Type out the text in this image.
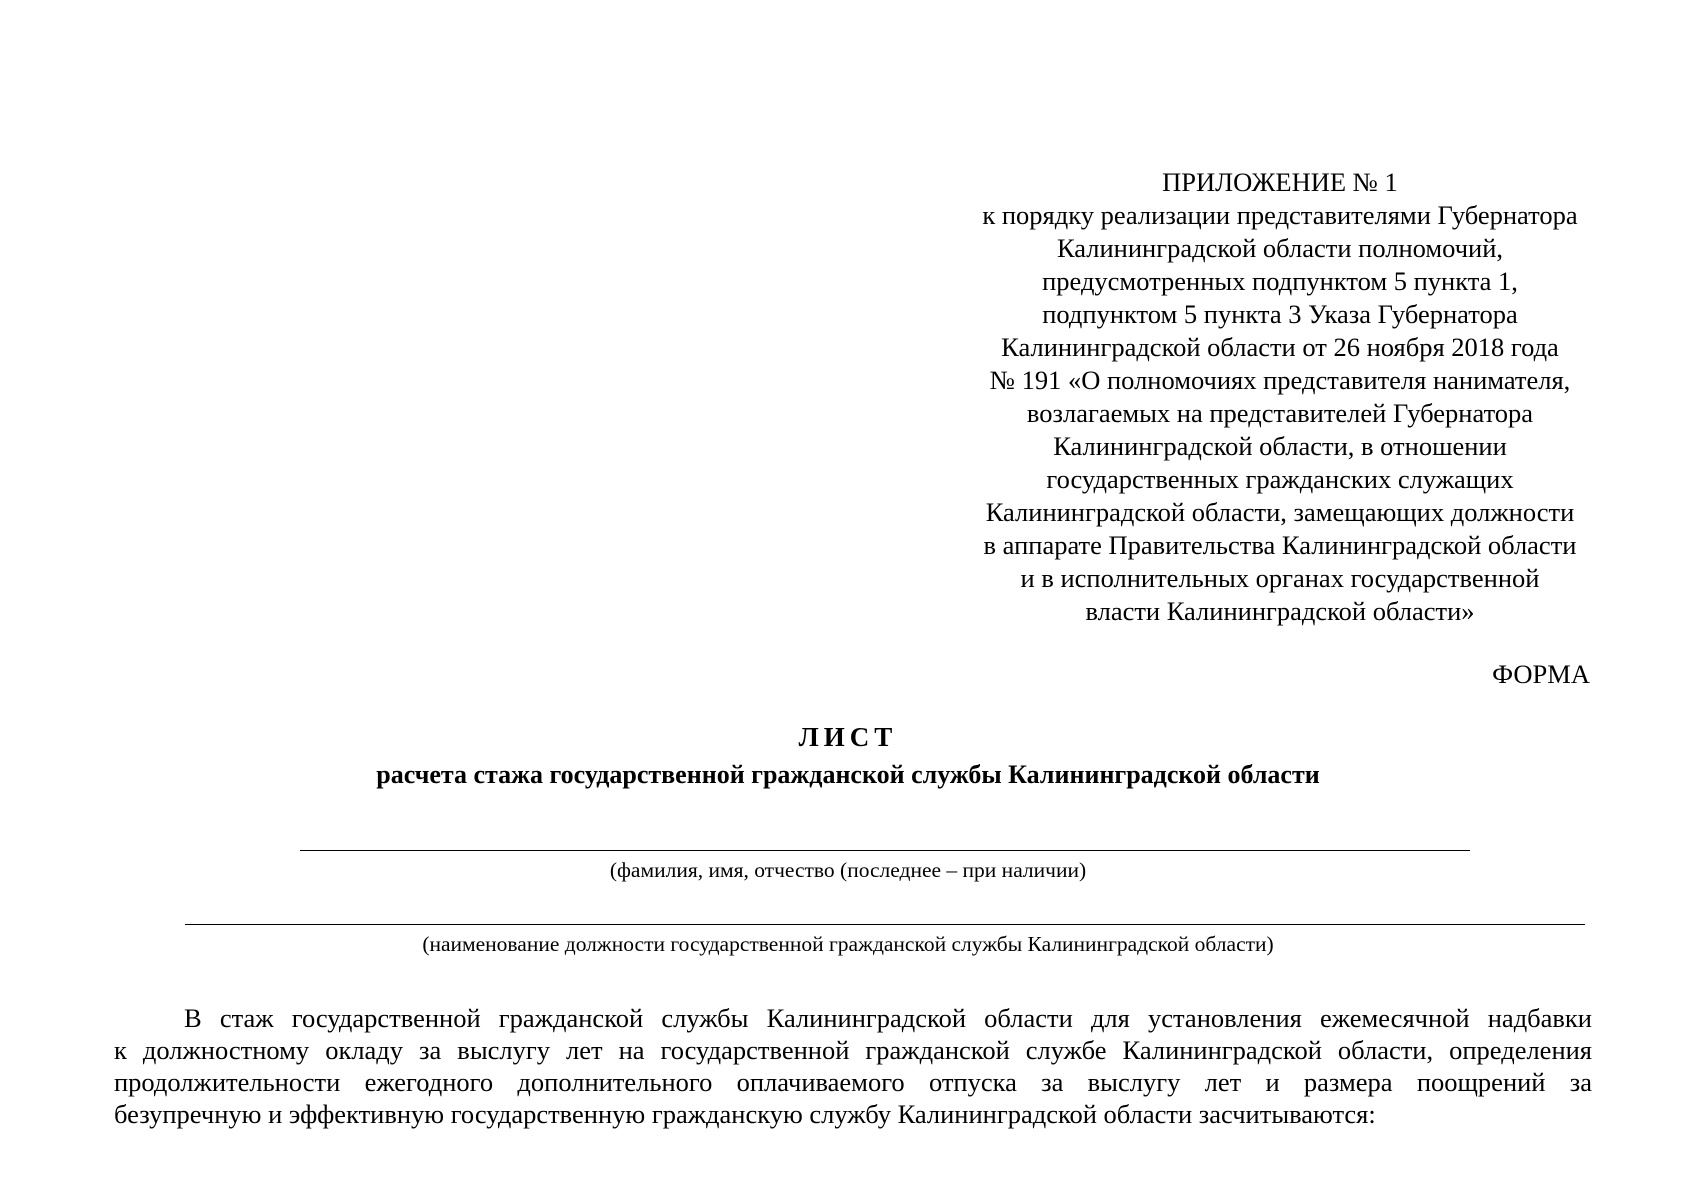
ПРИЛОЖЕНИЕ № 1
к порядку реализации представителями Губернатора
Калининградской области полномочий,
предусмотренных подпунктом 5 пункта 1,
подпунктом 5 пункта 3 Указа Губернатора
Калининградской области от 26 ноября 2018 года
№ 191 «О полномочиях представителя нанимателя,
возлагаемых на представителей Губернатора
Калининградской области, в отношении
государственных гражданских служащих
Калининградской области, замещающих должности
в аппарате Правительства Калининградской области
и в исполнительных органах государственной
власти Калининградской области»
ФОРМА
ЛИСТ
расчета стажа государственной гражданской службы Калининградской области
(фамилия, имя, отчество (последнее – при наличии)
(наименование должности государственной гражданской службы Калининградской области)
В стаж государственной гражданской службы Калининградской области для установления ежемесячной надбавки
к должностному окладу за выслугу лет на государственной гражданской службе Калининградской области, определения
продолжительности ежегодного дополнительного оплачиваемого отпуска за выслугу лет и размера поощрений за
безупречную и эффективную государственную гражданскую службу Калининградской области засчитываются:
